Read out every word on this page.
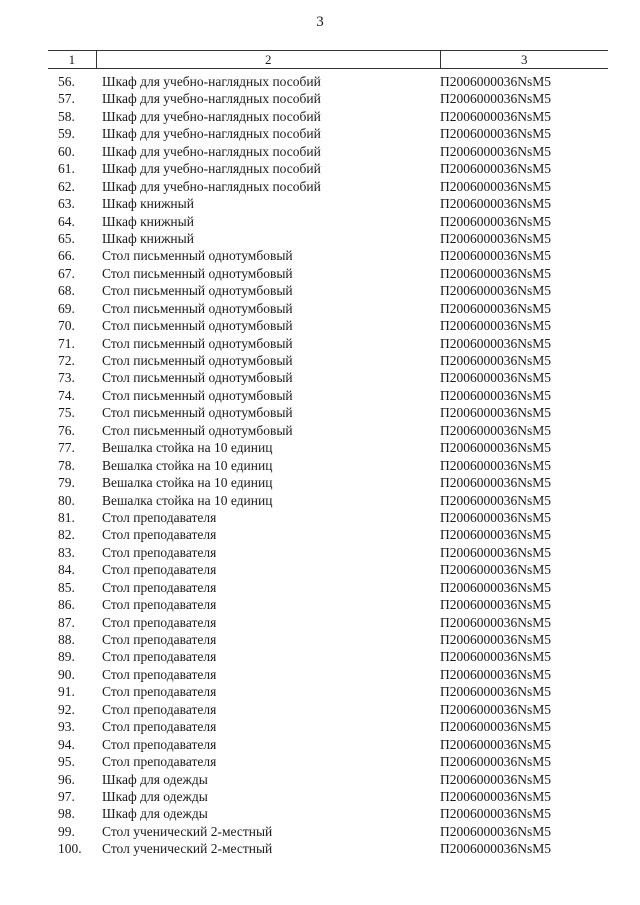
3
1	2	3
56.	Шкаф для учебно-наглядных пособий	П2006000036NsM5
57.	Шкаф для учебно-наглядных пособий	П2006000036NsM5
58.	Шкаф для учебно-наглядных пособий	П2006000036NsM5
59.	Шкаф для учебно-наглядных пособий	П2006000036NsM5
60.	Шкаф для учебно-наглядных пособий	П2006000036NsM5
61.	Шкаф для учебно-наглядных пособий	П2006000036NsM5
62.	Шкаф для учебно-наглядных пособий	П2006000036NsM5
63.	Шкаф книжный	П2006000036NsM5
64.	Шкаф книжный	П2006000036NsM5
65.	Шкаф книжный	П2006000036NsM5
66.	Стол письменный однотумбовый	П2006000036NsM5
67.	Стол письменный однотумбовый	П2006000036NsM5
68.	Стол письменный однотумбовый	П2006000036NsM5
69.	Стол письменный однотумбовый	П2006000036NsM5
70.	Стол письменный однотумбовый	П2006000036NsM5
71.	Стол письменный однотумбовый	П2006000036NsM5
72.	Стол письменный однотумбовый	П2006000036NsM5
73.	Стол письменный однотумбовый	П2006000036NsM5
74.	Стол письменный однотумбовый	П2006000036NsM5
75.	Стол письменный однотумбовый	П2006000036NsM5
76.	Стол письменный однотумбовый	П2006000036NsM5
77.	Вешалка стойка на 10 единиц	П2006000036NsM5
78.	Вешалка стойка на 10 единиц	П2006000036NsM5
79.	Вешалка стойка на 10 единиц	П2006000036NsM5
80.	Вешалка стойка на 10 единиц	П2006000036NsM5
81.	Стол преподавателя	П2006000036NsM5
82.	Стол преподавателя	П2006000036NsM5
83.	Стол преподавателя	П2006000036NsM5
84.	Стол преподавателя	П2006000036NsM5
85.	Стол преподавателя	П2006000036NsM5
86.	Стол преподавателя	П2006000036NsM5
87.	Стол преподавателя	П2006000036NsM5
88.	Стол преподавателя	П2006000036NsM5
89.	Стол преподавателя	П2006000036NsM5
90.	Стол преподавателя	П2006000036NsM5
91.	Стол преподавателя	П2006000036NsM5
92.	Стол преподавателя	П2006000036NsM5
93.	Стол преподавателя	П2006000036NsM5
94.	Стол преподавателя	П2006000036NsM5
95.	Стол преподавателя	П2006000036NsM5
96.	Шкаф для одежды	П2006000036NsM5
97.	Шкаф для одежды	П2006000036NsM5
98.	Шкаф для одежды	П2006000036NsM5
99.	Стол ученический 2-местный	П2006000036NsM5
100.	Стол ученический 2-местный	П2006000036NsM5
